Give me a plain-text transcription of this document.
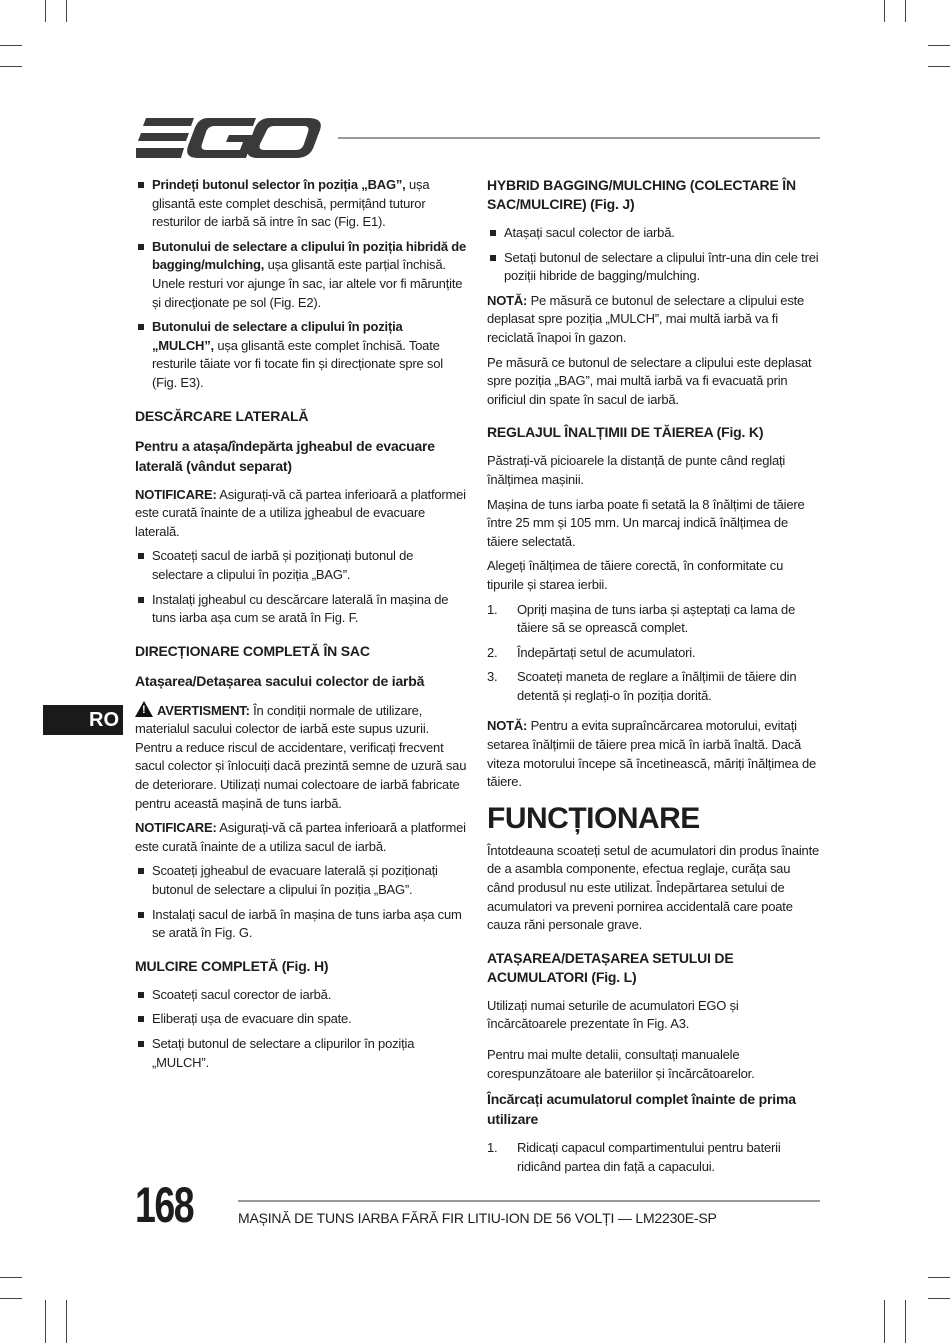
Prindeți butonul selector în poziția „BAG”, ușa glisantă este complet deschisă, permițând tuturor resturilor de iarbă să intre în sac (Fig. E1).
Butonului de selectare a clipului în poziția hibridă de bagging/mulching, ușa glisantă este parțial închisă. Unele resturi vor ajunge în sac, iar altele vor fi mărunțite și direcționate pe sol (Fig. E2).
Butonului de selectare a clipului în poziția „MULCH”, ușa glisantă este complet închisă. Toate resturile tăiate vor fi tocate fin și direcționate spre sol (Fig. E3).
DESCĂRCARE LATERALĂ
Pentru a atașa/îndepărta jgheabul de evacuare laterală (vândut separat)

NOTIFICARE: Asigurați-vă că partea inferioară a platformei este curată înainte de a utiliza jgheabul de evacuare laterală.

Scoateți sacul de iarbă și poziționați butonul de selectare a clipului în poziția „BAG”.
Instalați jgheabul cu descărcare laterală în mașina de tuns iarba așa cum se arată în Fig. F.
DIRECȚIONARE COMPLETĂ ÎN SAC
Atașarea/Detașarea sacului colector de iarbă

!AVERTISMENT: În condiții normale de utilizare, materialul sacului colector de iarbă este supus uzurii. Pentru a reduce riscul de accidentare, verificați frecvent sacul colector și înlocuiți dacă prezintă semne de uzură sau de deteriorare. Utilizați numai colectoare de iarbă fabricate pentru această mașină de tuns iarbă.

NOTIFICARE: Asigurați-vă că partea inferioară a platformei este curată înainte de a utiliza sacul de iarbă.

Scoateți jgheabul de evacuare laterală și poziționați butonul de selectare a clipului în poziția „BAG”.
Instalați sacul de iarbă în mașina de tuns iarba așa cum se arată în Fig. G.
MULCIRE COMPLETĂ (Fig. H)
Scoateți sacul corector de iarbă.
Eliberați ușa de evacuare din spate.
Setați butonul de selectare a clipurilor în poziția „MULCH”.
HYBRID BAGGING/MULCHING (COLECTARE ÎN SAC/MULCIRE) (Fig. J)
Atașați sacul colector de iarbă.
Setați butonul de selectare a clipului într-una din cele trei poziții hibride de bagging/mulching.

NOTĂ: Pe măsură ce butonul de selectare a clipului este deplasat spre poziția „MULCH”, mai multă iarbă va fi reciclată înapoi în gazon.

Pe măsură ce butonul de selectare a clipului este deplasat spre poziția „BAG”, mai multă iarbă va fi evacuată prin orificiul din spate în sacul de iarbă.

REGLAJUL ÎNALȚIMII DE TĂIEREA (Fig. K)

Păstrați-vă picioarele la distanță de punte când reglați înălțimea mașinii.

Mașina de tuns iarba poate fi setată la 8 înălțimi de tăiere între 25 mm și 105 mm. Un marcaj indică înălțimea de tăiere selectată.

Alegeți înălțimea de tăiere corectă, în conformitate cu tipurile și starea ierbii.

1. Opriți mașina de tuns iarba și așteptați ca lama de tăiere să se oprească complet.
2. Îndepărtați setul de acumulatori.
3. Scoateți maneta de reglare a înălțimii de tăiere din detentă și reglați-o în poziția dorită.

NOTĂ: Pentru a evita supraîncărcarea motorului, evitați setarea înălțimii de tăiere prea mică în iarbă înaltă. Dacă viteza motorului începe să încetinească, măriți înălțimea de tăiere.

FUNCȚIONARE

Întotdeauna scoateți setul de acumulatori din produs înainte de a asambla componente, efectua reglaje, curăța sau când produsul nu este utilizat. Îndepărtarea setului de acumulatori va preveni pornirea accidentală care poate cauza răni personale grave.

ATAȘAREA/DETAȘAREA SETULUI DE ACUMULATORI (Fig. L)

Utilizați numai seturile de acumulatori EGO și încărcătoarele prezentate în Fig. A3.

Pentru mai multe detalii, consultați manualele corespunzătoare ale bateriilor și încărcătoarelor.

Încărcați acumulatorul complet înainte de prima utilizare
1. Ridicați capacul compartimentului pentru baterii ridicând partea din față a capacului.
RO
168	MAȘINĂ DE TUNS IARBA FĂRĂ FIR LITIU-ION DE 56 VOLȚI — LM2230E-SP
